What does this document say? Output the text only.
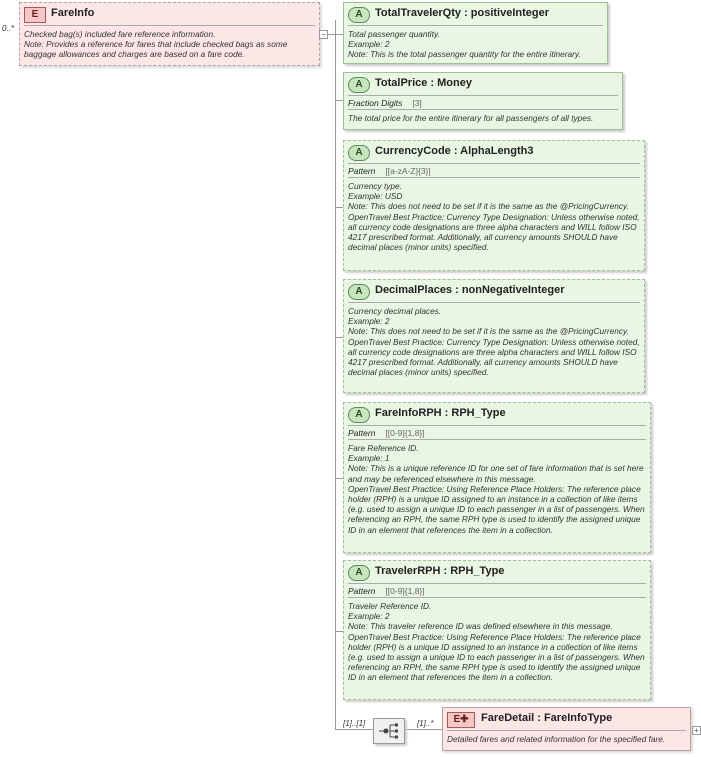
0..*
E	FareInfo
Checked bag(s) included fare reference information.
Note: Provides a reference for fares that include checked bags as some baggage allowances and charges are based on a fare code.
−
A	TotalTravelerQty : positiveInteger
Total passenger quantity.
Example: 2
Note: This is the total passenger quantity for the entire itinerary.
A	TotalPrice : Money
Fraction Digits [3]
The total price for the entire itinerary for all passengers of all types.
A	CurrencyCode : AlphaLength3
Pattern [[a-zA-Z]{3}]
Currency type.
Example: USD
Note: This does not need to be set if it is the same as the @PricingCurrency.
OpenTravel Best Practice: Currency Type Designation: Unless otherwise noted, all currency code designations are three alpha characters and WILL follow ISO 4217 prescribed format. Additionally, all currency amounts SHOULD have decimal places (minor units) specified.
A	DecimalPlaces : nonNegativeInteger
Currency decimal places.
Example: 2
Note: This does not need to be set if it is the same as the @PricingCurrency.
OpenTravel Best Practice: Currency Type Designation: Unless otherwise noted, all currency code designations are three alpha characters and WILL follow ISO 4217 prescribed format. Additionally, all currency amounts SHOULD have decimal places (minor units) specified.
A	FareInfoRPH : RPH_Type
Pattern [[0-9]{1,8}]
Fare Reference ID.
Example: 1
Note: This is a unique reference ID for one set of fare information that is set here and may be referenced elsewhere in this message.
OpenTravel Best Practice: Using Reference Place Holders: The reference place holder (RPH) is a unique ID assigned to an instance in a collection of like items (e.g. used to assign a unique ID to each passenger in a list of passengers. When referencing an RPH, the same RPH type is used to identify the assigned unique ID in an element that references the item in a collection.
A	TravelerRPH : RPH_Type
Pattern [[0-9]{1,8}]
Traveler Reference ID.
Example: 2
Note: This traveler reference ID was defined elsewhere in this message.
OpenTravel Best Practice: Using Reference Place Holders: The reference place holder (RPH) is a unique ID assigned to an instance in a collection of like items (e.g. used to assign a unique ID to each passenger in a list of passengers. When referencing an RPH, the same RPH type is used to identify the assigned unique ID in an element that references the item in a collection.
[1]..[1]	[1]..*	E✚	FareDetail : FareInfoType
Detailed fares and related information for the specified fare.
+
